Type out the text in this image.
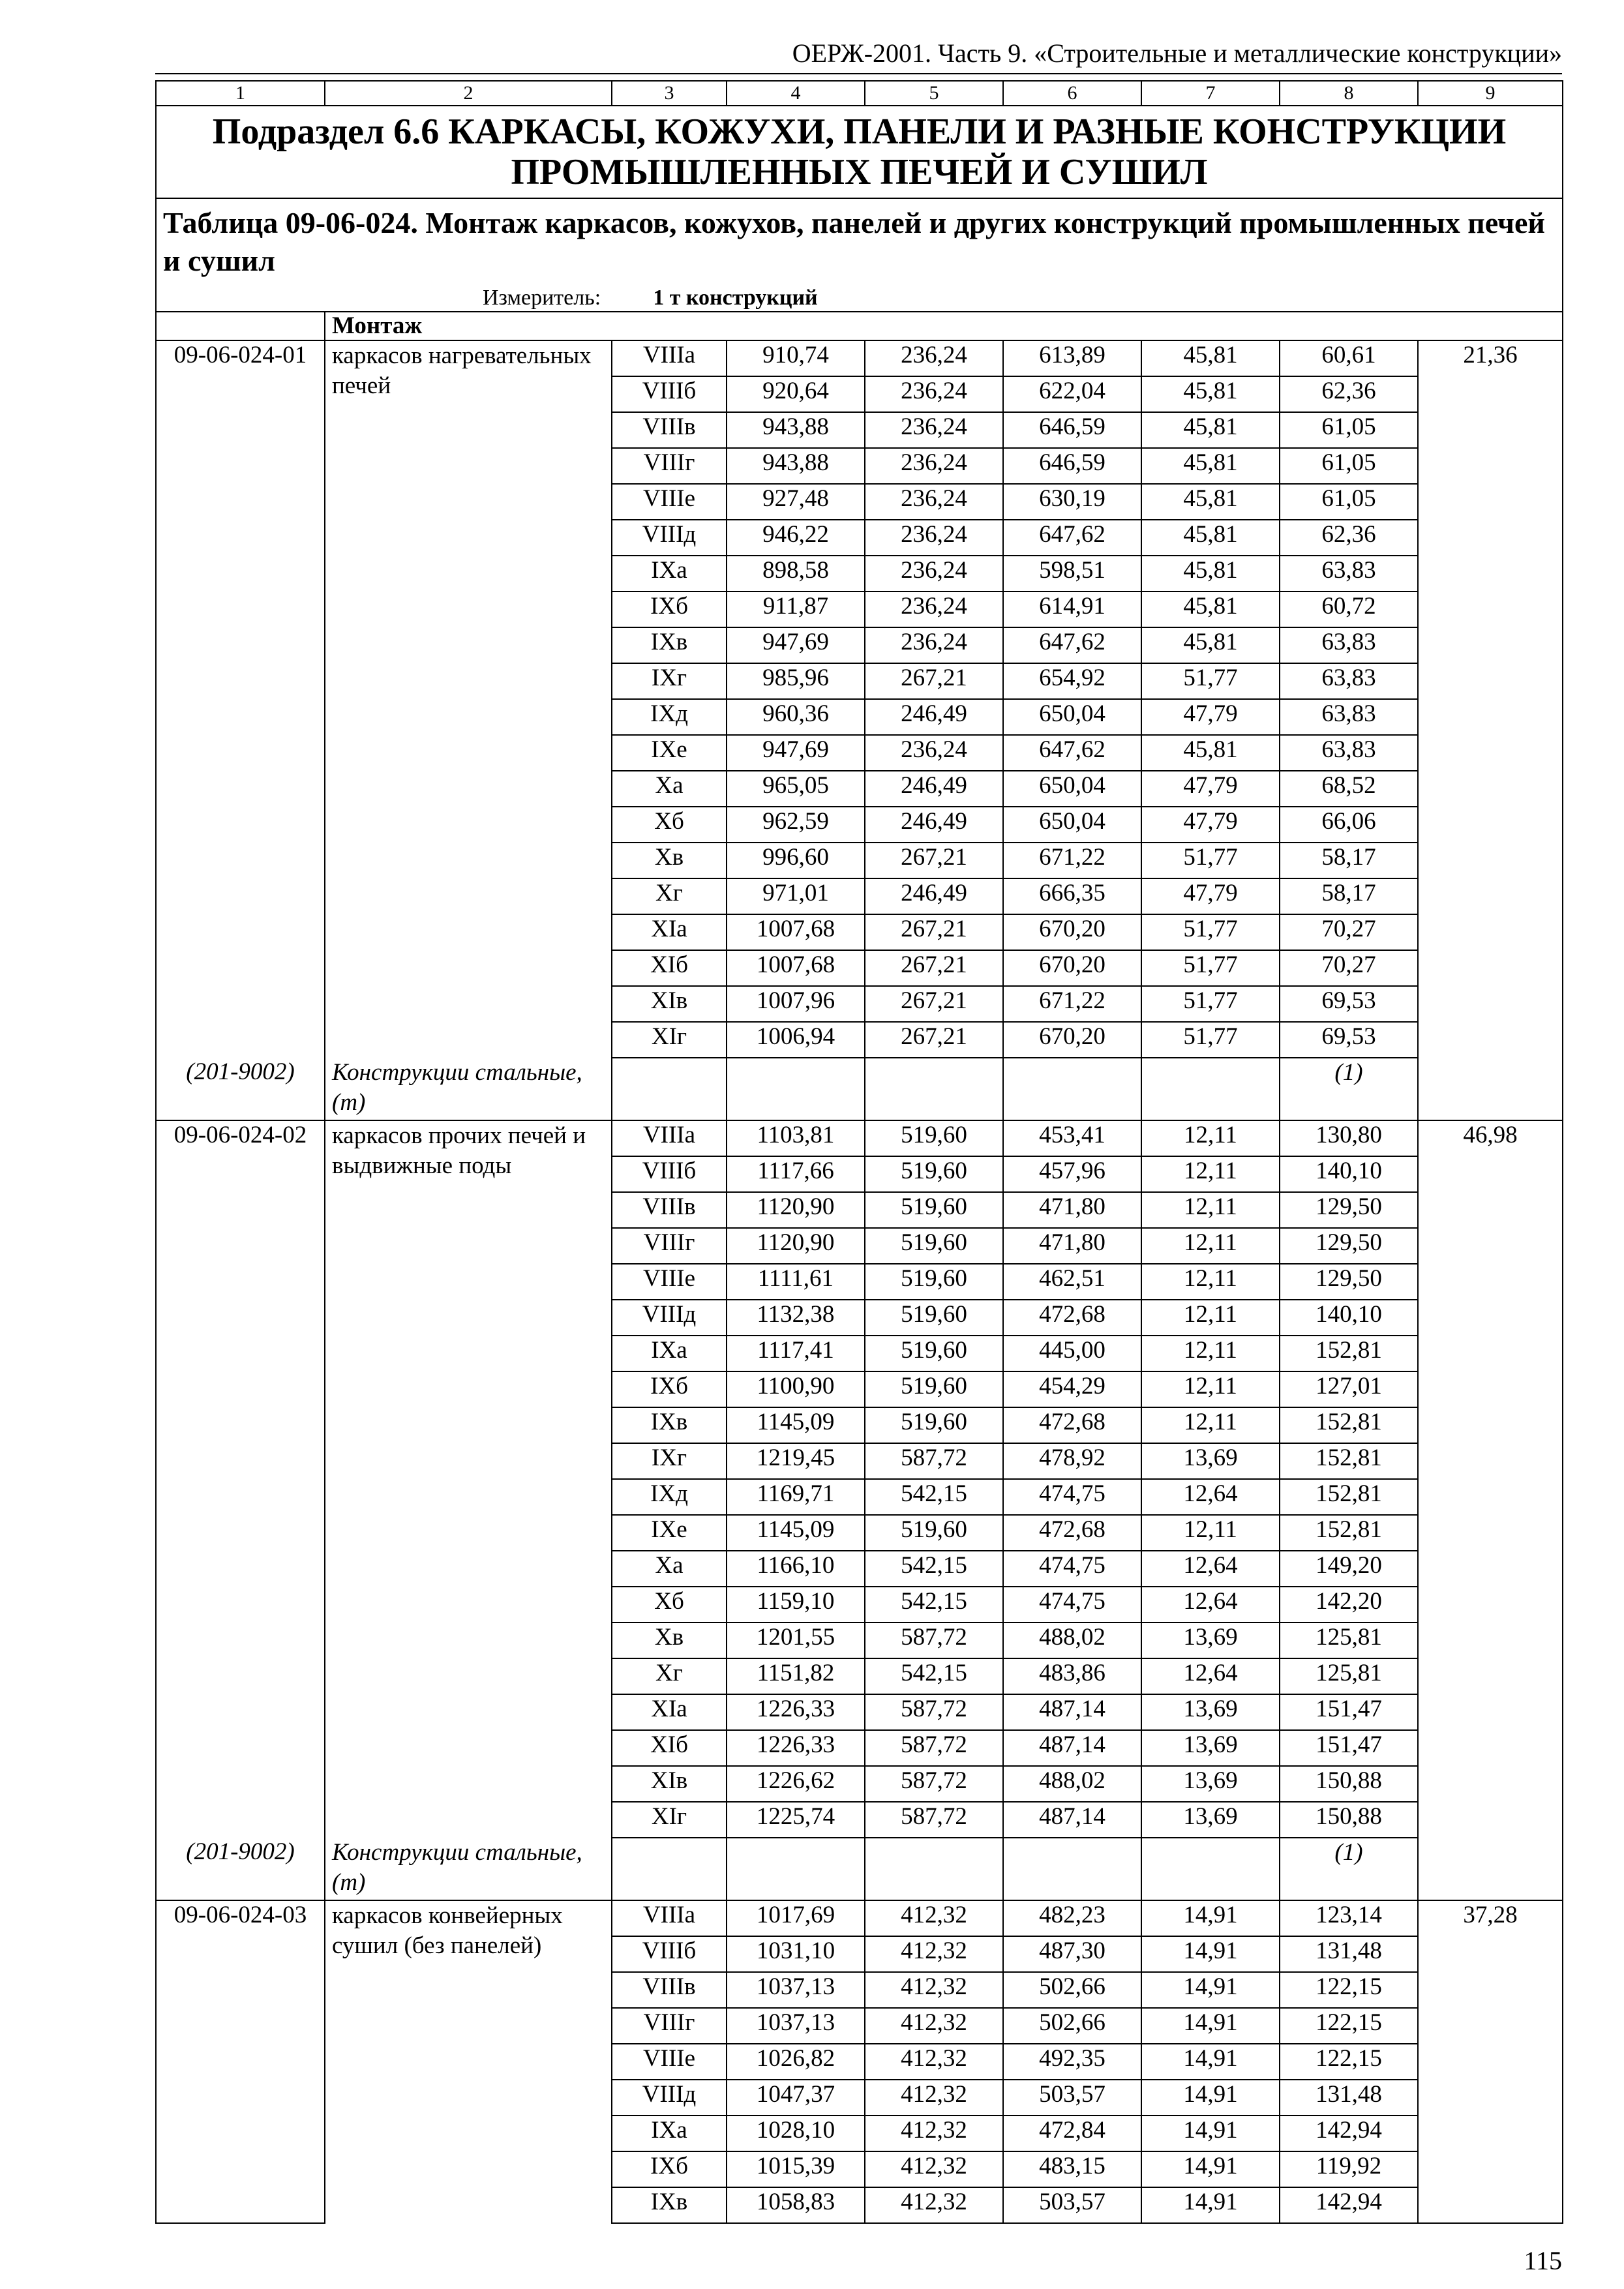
ОЕРЖ-2001. Часть 9. «Строительные и металлические конструкции»
1	2	3	4	5	6	7	8	9
Подраздел 6.6 КАРКАСЫ, КОЖУХИ, ПАНЕЛИ И РАЗНЫЕ КОНСТРУКЦИИ ПРОМЫШЛЕННЫХ ПЕЧЕЙ И СУШИЛ								
Таблица 09-06-024. Монтаж каркасов, кожухов, панелей и других конструкций промышленных печей и сушил								
Измеритель: 1 т конструкций								
	Монтаж							
09-06-024-01	каркасов нагревательных печей	VIIIа	910,74	236,24	613,89	45,81	60,61	21,36
		VIIIб	920,64	236,24	622,04	45,81	62,36	
		VIIIв	943,88	236,24	646,59	45,81	61,05	
		VIIIг	943,88	236,24	646,59	45,81	61,05	
		VIIIе	927,48	236,24	630,19	45,81	61,05	
		VIIIд	946,22	236,24	647,62	45,81	62,36	
		IXа	898,58	236,24	598,51	45,81	63,83	
		IXб	911,87	236,24	614,91	45,81	60,72	
		IXв	947,69	236,24	647,62	45,81	63,83	
		IXг	985,96	267,21	654,92	51,77	63,83	
		IXд	960,36	246,49	650,04	47,79	63,83	
		IXе	947,69	236,24	647,62	45,81	63,83	
		Xа	965,05	246,49	650,04	47,79	68,52	
		Xб	962,59	246,49	650,04	47,79	66,06	
		Xв	996,60	267,21	671,22	51,77	58,17	
		Xг	971,01	246,49	666,35	47,79	58,17	
		XIа	1007,68	267,21	670,20	51,77	70,27	
		XIб	1007,68	267,21	670,20	51,77	70,27	
		XIв	1007,96	267,21	671,22	51,77	69,53	
		XIг	1006,94	267,21	670,20	51,77	69,53	
(201-9002)	Конструкции стальные, (т)						(1)	
09-06-024-02	каркасов прочих печей и выдвижные поды	VIIIа	1103,81	519,60	453,41	12,11	130,80	46,98
		VIIIб	1117,66	519,60	457,96	12,11	140,10	
		VIIIв	1120,90	519,60	471,80	12,11	129,50	
		VIIIг	1120,90	519,60	471,80	12,11	129,50	
		VIIIе	1111,61	519,60	462,51	12,11	129,50	
		VIIIд	1132,38	519,60	472,68	12,11	140,10	
		IXа	1117,41	519,60	445,00	12,11	152,81	
		IXб	1100,90	519,60	454,29	12,11	127,01	
		IXв	1145,09	519,60	472,68	12,11	152,81	
		IXг	1219,45	587,72	478,92	13,69	152,81	
		IXд	1169,71	542,15	474,75	12,64	152,81	
		IXе	1145,09	519,60	472,68	12,11	152,81	
		Xа	1166,10	542,15	474,75	12,64	149,20	
		Xб	1159,10	542,15	474,75	12,64	142,20	
		Xв	1201,55	587,72	488,02	13,69	125,81	
		Xг	1151,82	542,15	483,86	12,64	125,81	
		XIа	1226,33	587,72	487,14	13,69	151,47	
		XIб	1226,33	587,72	487,14	13,69	151,47	
		XIв	1226,62	587,72	488,02	13,69	150,88	
		XIг	1225,74	587,72	487,14	13,69	150,88	
(201-9002)	Конструкции стальные, (т)						(1)	
09-06-024-03	каркасов конвейерных сушил (без панелей)	VIIIа	1017,69	412,32	482,23	14,91	123,14	37,28
		VIIIб	1031,10	412,32	487,30	14,91	131,48	
		VIIIв	1037,13	412,32	502,66	14,91	122,15	
		VIIIг	1037,13	412,32	502,66	14,91	122,15	
		VIIIе	1026,82	412,32	492,35	14,91	122,15	
		VIIIд	1047,37	412,32	503,57	14,91	131,48	
		IXа	1028,10	412,32	472,84	14,91	142,94	
		IXб	1015,39	412,32	483,15	14,91	119,92	
		IXв	1058,83	412,32	503,57	14,91	142,94	
115
